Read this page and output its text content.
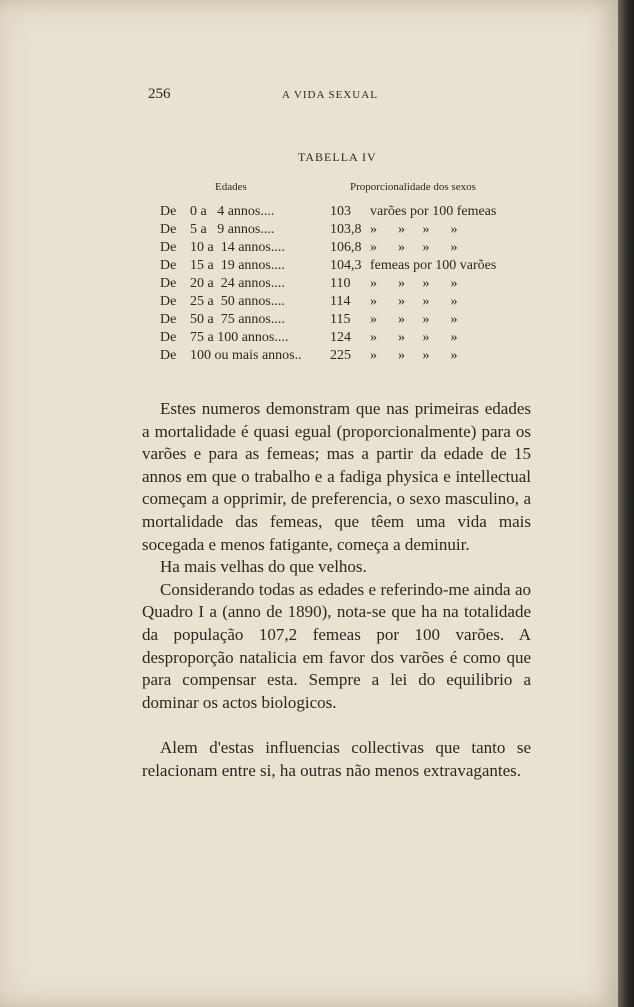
256	A VIDA SEXUAL
TABELLA IV
Edades	Proporcionalidade dos sexos
De 0 a   4 annos....	103 varões por 100 femeas
De 5 a   9 annos....	103,8 »      »     »      »
De 10 a  14 annos....	106,8 »      »     »      »
De 15 a  19 annos....	104,3 femeas por 100 varões
De 20 a  24 annos....	110 »      »     »      »
De 25 a  50 annos....	114 »      »     »      »
De 50 a  75 annos....	115 »      »     »      »
De 75 a 100 annos....	124 »      »     »      »
De 100 ou mais annos.. 225 »      »     »      »

Estes numeros demonstram que nas primeiras edades a mortalidade é quasi egual (proporcionalmente) para os varões e para as femeas; mas a partir da edade de 15 annos em que o trabalho e a fadiga physica e intellectual começam a opprimir, de preferencia, o sexo masculino, a mortalidade das femeas, que têem uma vida mais socegada e menos fatigante, começa a deminuir.

Ha mais velhas do que velhos.

Considerando todas as edades e referindo-me ainda ao Quadro I a (anno de 1890), nota-se que ha na totalidade da população 107,2 femeas por 100 varões. A desproporção natalicia em favor dos varões é como que para compensar esta. Sempre a lei do equilibrio a dominar os actos biologicos.

Alem d'estas influencias collectivas que tanto se relacionam entre si, ha outras não menos extravagantes.
